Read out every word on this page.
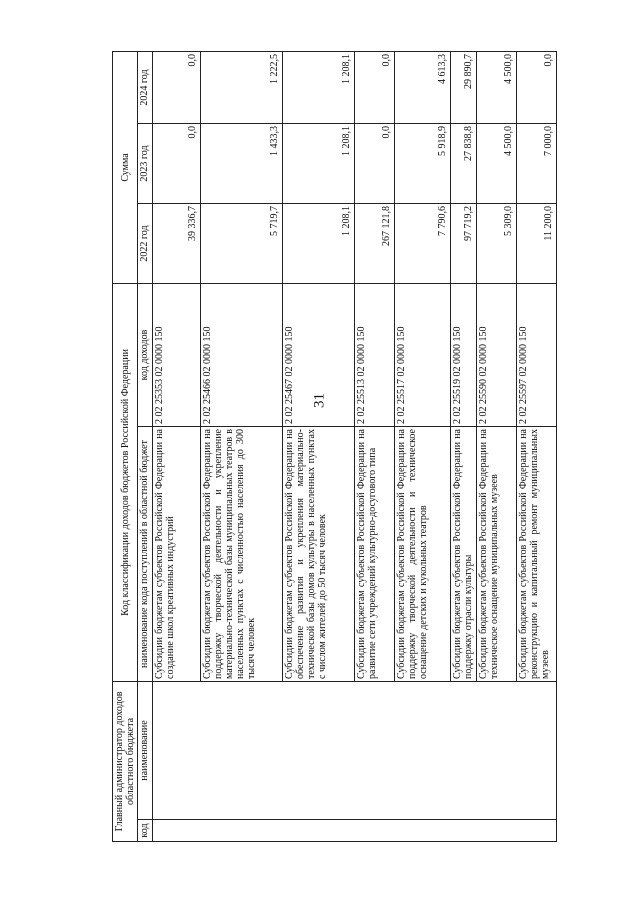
31
Главный администратор доходов областного бюджета		Код классификации доходов бюджетов Российской Федерации		Сумма		
код	наименование	наименование кода поступлений в областной бюджет	код доходов	2022 год	2023 год	2024 год
		Субсидии бюджетам субъектов Российской Федерации на создание школ креативных индустрий	2 02 25353 02 0000 150	39 336,7	0,0	0,0
		Субсидии бюджетам субъектов Российской Федерации на поддержку творческой деятельности и укрепление материально-технической базы муниципальных театров в населенных пунктах с численностью населения до 300 тысяч человек	2 02 25466 02 0000 150	5 719,7	1 433,3	1 222,5
		Субсидии бюджетам субъектов Российской Федерации на обеспечение развития и укрепления материально-технической базы домов культуры в населенных пунктах с числом жителей до 50 тысяч человек	2 02 25467 02 0000 150	1 208,1	1 208,1	1 208,1
		Субсидии бюджетам субъектов Российской Федерации на развитие сети учреждений культурно-досугового типа	2 02 25513 02 0000 150	267 121,8	0,0	0,0
		Субсидии бюджетам субъектов Российской Федерации на поддержку творческой деятельности и техническое оснащение детских и кукольных театров	2 02 25517 02 0000 150	7 790,6	5 918,9	4 613,3
		Субсидии бюджетам субъектов Российской Федерации на поддержку отрасли культуры	2 02 25519 02 0000 150	97 719,2	27 838,8	29 890,7
		Субсидии бюджетам субъектов Российской Федерации на техническое оснащение муниципальных музеев	2 02 25590 02 0000 150	5 309,0	4 500,0	4 500,0
		Субсидии бюджетам субъектов Российской Федерации на реконструкцию и капитальный ремонт муниципальных музеев	2 02 25597 02 0000 150	11 200,0	7 000,0	0,0
